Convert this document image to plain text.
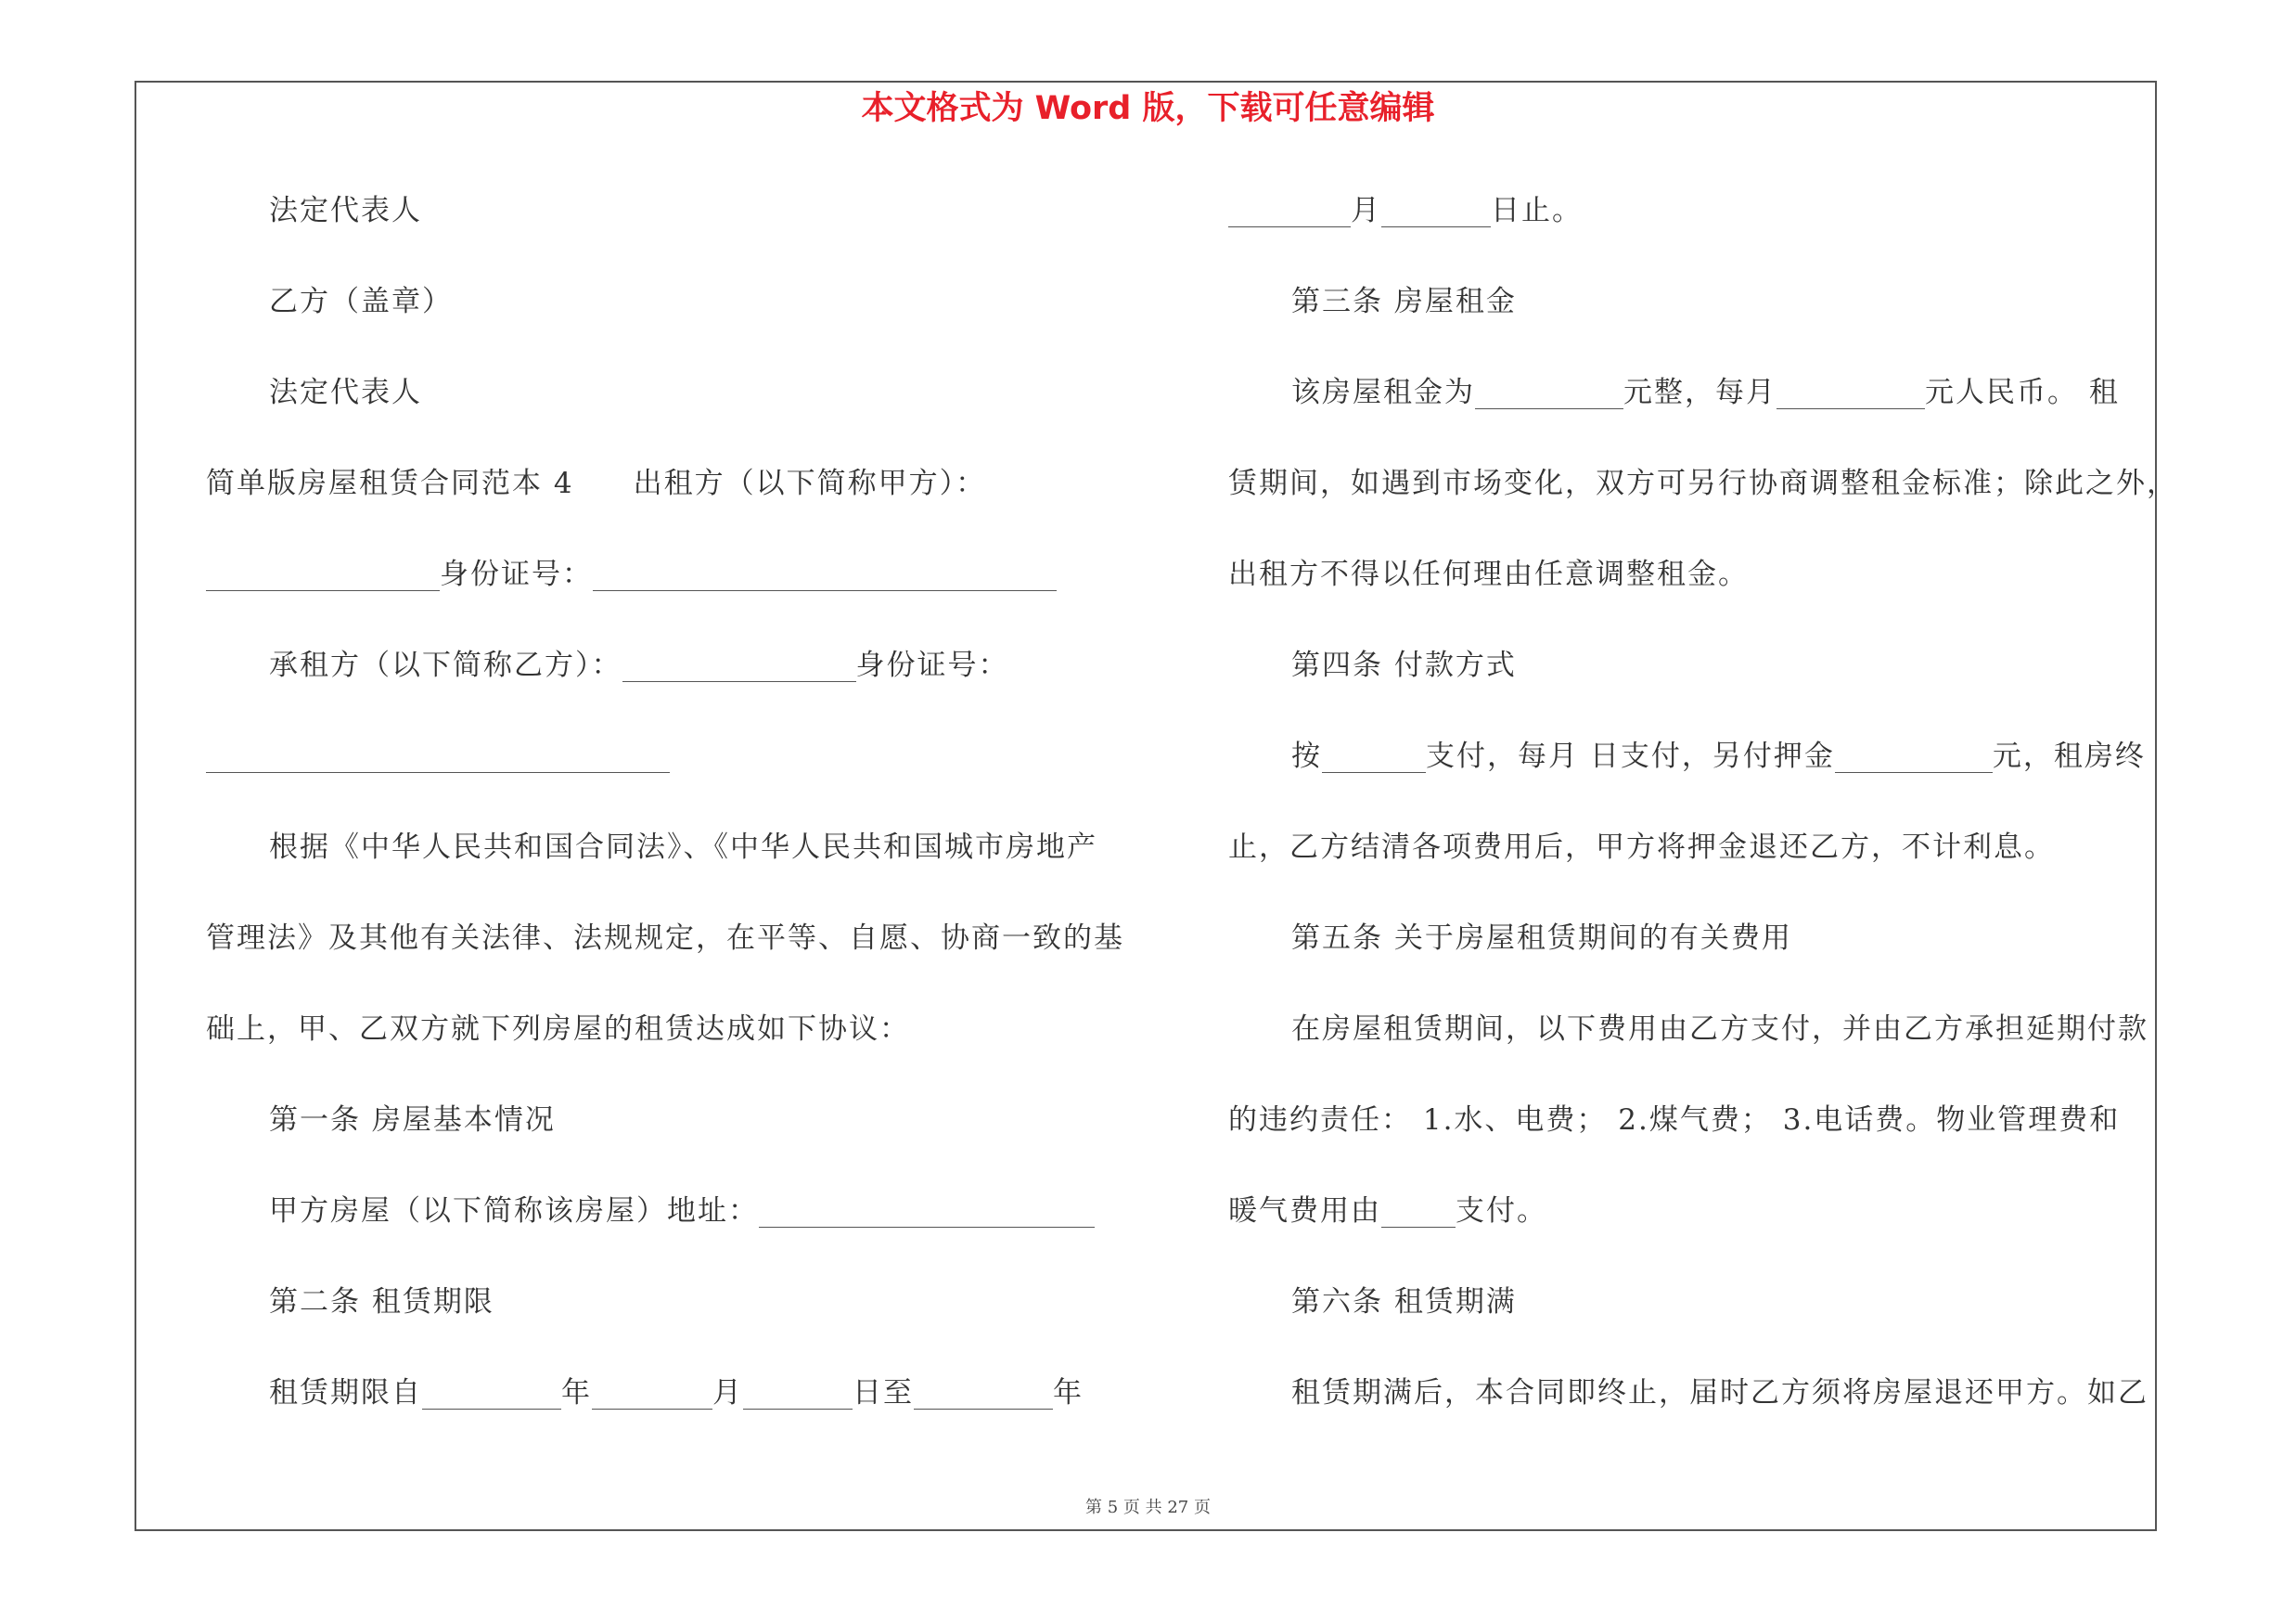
本文格式为 Word 版，下载可任意编辑
法定代表人
乙方（盖章）
法定代表人
简单版房屋租赁合同范本 4 出租方（以下简称甲方）：
身份证号：
承租方（以下简称乙方）：	身份证号：
根据《中华人民共和国合同法》、《中华人民共和国城市房地产
管理法》及其他有关法律、法规规定，在平等、自愿、协商一致的基
础上，甲、乙双方就下列房屋的租赁达成如下协议：
第一条 房屋基本情况
甲方房屋（以下简称该房屋）地址：
第二条 租赁期限
租赁期限自	年	月	日至	年
月	日止。
第三条 房屋租金
该房屋租金为	元整，每月	元人民币。 租
赁期间，如遇到市场变化，双方可另行协商调整租金标准；除此之外，
出租方不得以任何理由任意调整租金。
第四条 付款方式
按	支付，每月 日支付，另付押金	元，租房终
止，乙方结清各项费用后，甲方将押金退还乙方，不计利息。
第五条 关于房屋租赁期间的有关费用
在房屋租赁期间，以下费用由乙方支付，并由乙方承担延期付款
的违约责任： 1.水、电费； 2.煤气费； 3.电话费。物业管理费和
暖气费用由	支付。
第六条 租赁期满
租赁期满后，本合同即终止，届时乙方须将房屋退还甲方。如乙
第 5 页 共 27 页
